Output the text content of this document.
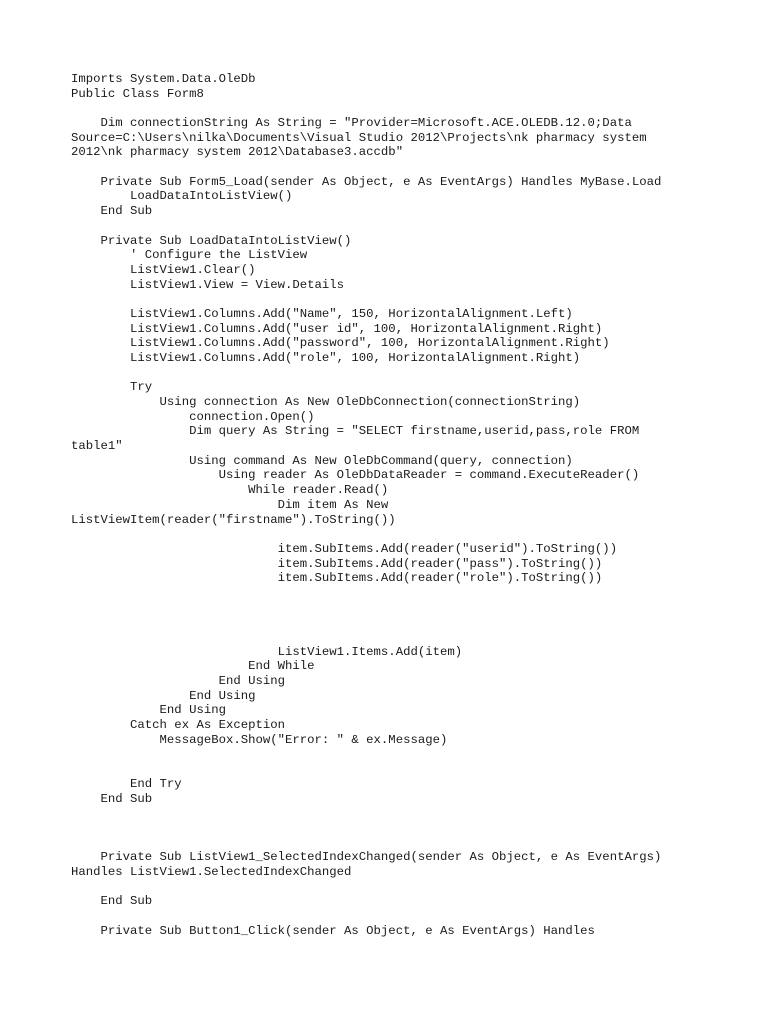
Imports System.Data.OleDb
Public Class Form8
Dim connectionString As String = "Provider=Microsoft.ACE.OLEDB.12.0;Data
Source=C:\Users\nilka\Documents\Visual Studio 2012\Projects\nk pharmacy system
2012\nk pharmacy system 2012\Database3.accdb"
Private Sub Form5_Load(sender As Object, e As EventArgs) Handles MyBase.Load
LoadDataIntoListView()
End Sub
Private Sub LoadDataIntoListView()
' Configure the ListView
ListView1.Clear()
ListView1.View = View.Details
ListView1.Columns.Add("Name", 150, HorizontalAlignment.Left)
ListView1.Columns.Add("user id", 100, HorizontalAlignment.Right)
ListView1.Columns.Add("password", 100, HorizontalAlignment.Right)
ListView1.Columns.Add("role", 100, HorizontalAlignment.Right)
Try
Using connection As New OleDbConnection(connectionString)
connection.Open()
Dim query As String = "SELECT firstname,userid,pass,role FROM
table1"
Using command As New OleDbCommand(query, connection)
Using reader As OleDbDataReader = command.ExecuteReader()
While reader.Read()
Dim item As New
ListViewItem(reader("firstname").ToString())
item.SubItems.Add(reader("userid").ToString())
item.SubItems.Add(reader("pass").ToString())
item.SubItems.Add(reader("role").ToString())
ListView1.Items.Add(item)
End While
End Using
End Using
End Using
Catch ex As Exception
MessageBox.Show("Error: " & ex.Message)
End Try
End Sub
Private Sub ListView1_SelectedIndexChanged(sender As Object, e As EventArgs)
Handles ListView1.SelectedIndexChanged
End Sub
Private Sub Button1_Click(sender As Object, e As EventArgs) Handles
